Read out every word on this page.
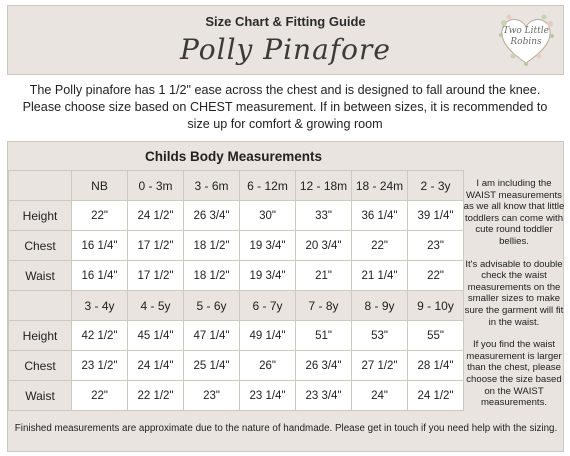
Size Chart & Fitting Guide
Polly Pinafore
Two Little Robins
The Polly pinafore has 1 1/2" ease across the chest and is designed to fall around the knee. Please choose size based on CHEST measurement. If in between sizes, it is recommended to size up for comfort & growing room
Childs Body Measurements
	NB	0 - 3m	3 - 6m	6 - 12m	12 - 18m	18 - 24m	2 - 3y
Height	22"	24 1/2"	26 3/4"	30"	33"	36 1/4"	39 1/4"
Chest	16 1/4"	17 1/2"	18 1/2"	19 3/4"	20 3/4"	22"	23"
Waist	16 1/4"	17 1/2"	18 1/2"	19 3/4"	21"	21 1/4"	22"
	3 - 4y	4 - 5y	5 - 6y	6 - 7y	7 - 8y	8 - 9y	9 - 10y
Height	42 1/2"	45 1/4"	47 1/4"	49 1/4"	51"	53"	55"
Chest	23 1/2"	24 1/4"	25 1/4"	26"	26 3/4"	27 1/2"	28 1/4"
Waist	22"	22 1/2"	23"	23 1/4"	23 3/4"	24"	24 1/2"

I am including the WAIST measurements as we all know that little toddlers can come with cute round toddler bellies.

It's advisable to double check the waist measurements on the smaller sizes to make sure the garment will fit in the waist.

If you find the waist measurement is larger than the chest, please choose the size based on the WAIST measurements.

Finished measurements are approximate due to the nature of handmade. Please get in touch if you need help with the sizing.
